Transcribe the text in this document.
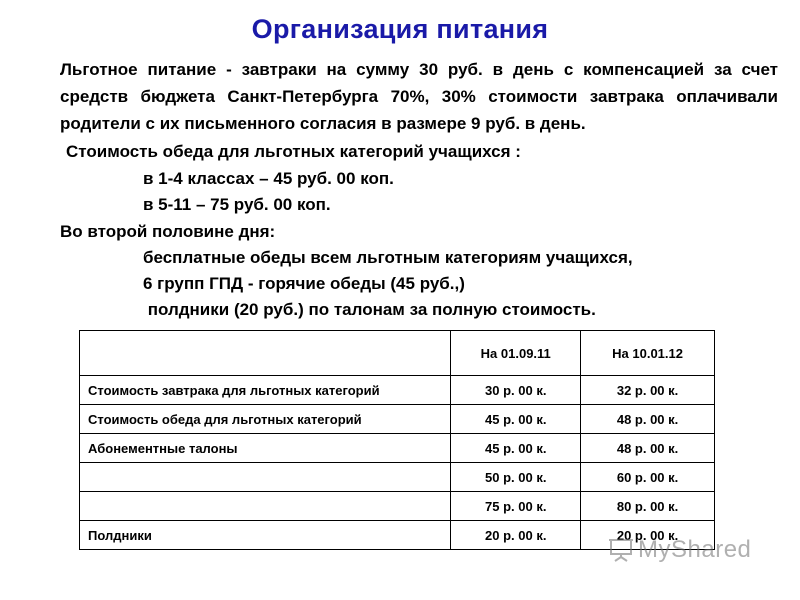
Организация питания
Льготное питание - завтраки на сумму 30 руб. в день с компенсацией за счет
средств бюджета Санкт-Петербурга 70%, 30% стоимости завтрака оплачивали
родители с их письменного согласия в размере 9 руб. в день.
Стоимость обеда для льготных категорий учащихся :
в 1-4 классах – 45 руб. 00 коп.
в 5-11 – 75 руб. 00 коп.
Во второй половине дня:
бесплатные обеды всем льготным категориям учащихся,
6 групп ГПД - горячие обеды (45 руб.,)
полдники (20 руб.) по талонам за полную стоимость.
	На 01.09.11	На 10.01.12
Стоимость завтрака для льготных категорий	30 р. 00 к.	32 р. 00 к.
Стоимость обеда для льготных категорий	45 р. 00 к.	48 р. 00 к.
Абонементные талоны	45 р. 00 к.	48 р. 00 к.
	50 р. 00 к.	60 р. 00 к.
	75 р. 00 к.	80 р. 00 к.
Полдники	20 р. 00 к.	20 р. 00 к.
MyShared
